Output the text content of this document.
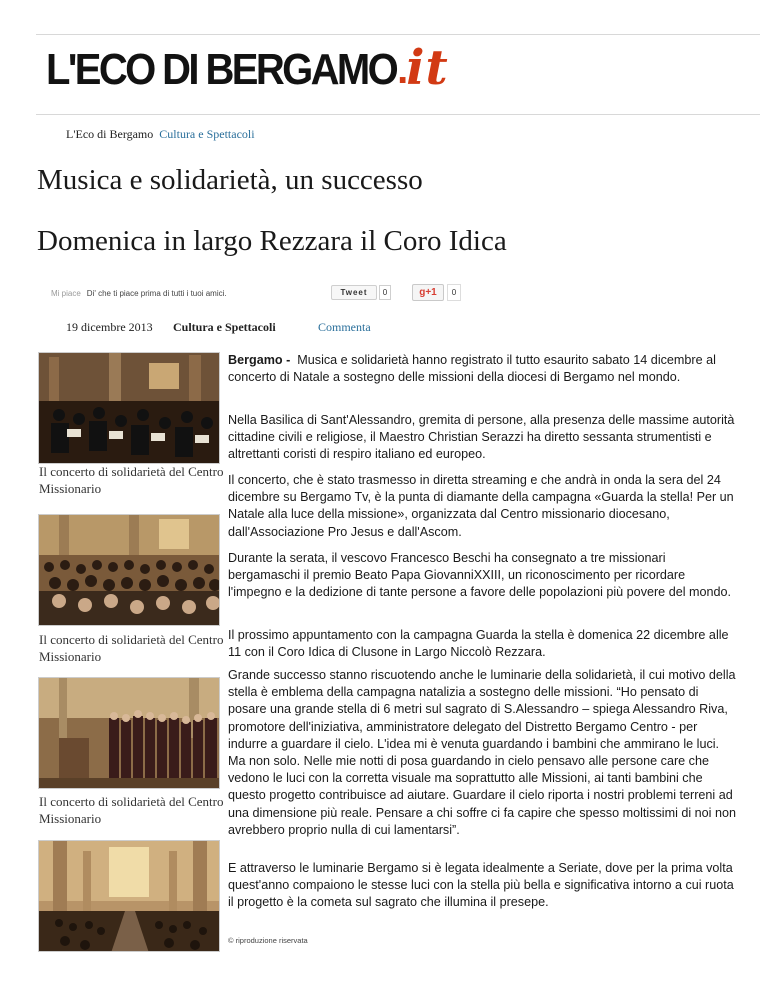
L'ECO DI BERGAMO.it
L'Eco di Bergamo Cultura e Spettacoli
Musica e solidarietà, un successo
Domenica in largo Rezzara il Coro Idica
Mi piace Di' che ti piace prima di tutti i tuoi amici.	Tweet	0	g+1	0
19 dicembre 2013 Cultura e Spettacoli	Commenta
Il concerto di solidarietà del Centro Missionario
Il concerto di solidarietà del Centro Missionario
Il concerto di solidarietà del Centro Missionario
Bergamo - Musica e solidarietà hanno registrato il tutto esaurito sabato 14 dicembre al concerto di Natale a sostegno delle missioni della diocesi di Bergamo nel mondo.
Nella Basilica di Sant'Alessandro, gremita di persone, alla presenza delle massime autorità cittadine civili e religiose, il Maestro Christian Serazzi ha diretto sessanta strumentisti e altrettanti coristi di respiro italiano ed europeo.
Il concerto, che è stato trasmesso in diretta streaming e che andrà in onda la sera del 24 dicembre su Bergamo Tv, è la punta di diamante della campagna «Guarda la stella! Per un Natale alla luce della missione», organizzata dal Centro missionario diocesano, dall'Associazione Pro Jesus e dall'Ascom.
Durante la serata, il vescovo Francesco Beschi ha consegnato a tre missionari bergamaschi il premio Beato Papa GiovanniXXIII, un riconoscimento per ricordare l'impegno e la dedizione di tante persone a favore delle popolazioni più povere del mondo.
Il prossimo appuntamento con la campagna Guarda la stella è domenica 22 dicembre alle 11 con il Coro Idica di Clusone in Largo Niccolò Rezzara.
Grande successo stanno riscuotendo anche le luminarie della solidarietà, il cui motivo della stella è emblema della campagna natalizia a sostegno delle missioni. “Ho pensato di posare una grande stella di 6 metri sul sagrato di S.Alessandro – spiega Alessandro Riva, promotore dell'iniziativa, amministratore delegato del Distretto Bergamo Centro - per indurre a guardare il cielo. L'idea mi è venuta guardando i bambini che ammirano le luci. Ma non solo. Nelle mie notti di posa guardando in cielo pensavo alle persone care che vedono le luci con la corretta visuale ma soprattutto alle Missioni, ai tanti bambini che questo progetto contribuisce ad aiutare. Guardare il cielo riporta i nostri problemi terreni ad una dimensione più reale. Pensare a chi soffre ci fa capire che spesso moltissimi di noi non avrebbero proprio nulla di cui lamentarsi”.
E attraverso le luminarie Bergamo si è legata idealmente a Seriate, dove per la prima volta quest'anno compaiono le stesse luci con la stella più bella e significativa intorno a cui ruota il progetto è la cometa sul sagrato che illumina il presepe.
© riproduzione riservata
